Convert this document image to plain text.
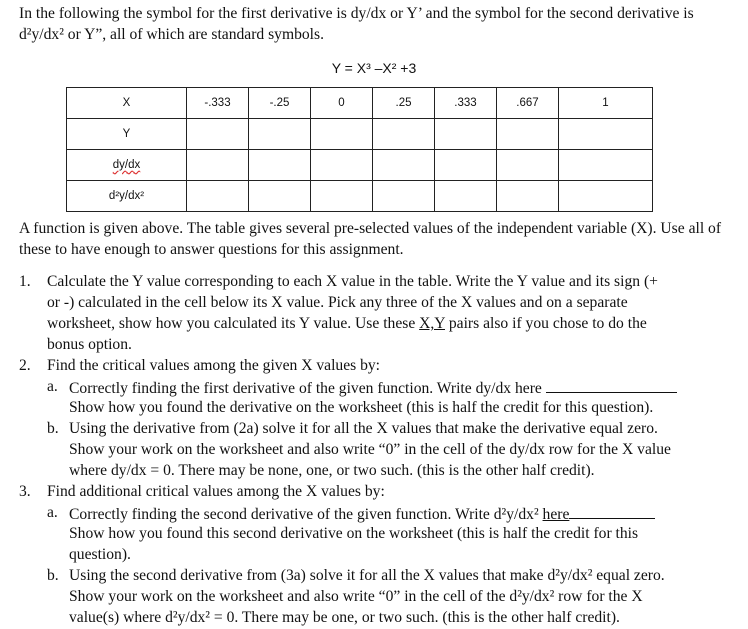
In the following the symbol for the first derivative is dy/dx or Y’ and the symbol for the second derivative is d²y/dx² or Y”, all of which are standard symbols.
Y = X³ –X² +3
X	-.333	-.25	0	.25	.333	.667	1
Y							
dy/dx							
d²y/dx²							
A function is given above. The table gives several pre-selected values of the independent variable (X). Use all of these to have enough to answer questions for this assignment.
1. Calculate the Y value corresponding to each X value in the table. Write the Y value and its sign (+
or -) calculated in the cell below its X value. Pick any three of the X values and on a separate
worksheet, show how you calculated its Y value. Use these X,Y pairs also if you chose to do the
bonus option.
2. Find the critical values among the given X values by:
a. Correctly finding the first derivative of the given function. Write dy/dx here
Show how you found the derivative on the worksheet (this is half the credit for this question).
b. Using the derivative from (2a) solve it for all the X values that make the derivative equal zero.
Show your work on the worksheet and also write “0” in the cell of the dy/dx row for the X value
where dy/dx = 0. There may be none, one, or two such. (this is the other half credit).
3. Find additional critical values among the X values by:
a. Correctly finding the second derivative of the given function. Write d²y/dx² here
Show how you found this second derivative on the worksheet (this is half the credit for this
question).
b. Using the second derivative from (3a) solve it for all the X values that make d²y/dx² equal zero.
Show your work on the worksheet and also write “0” in the cell of the d²y/dx² row for the X
value(s) where d²y/dx² = 0. There may be one, or two such. (this is the other half credit).
